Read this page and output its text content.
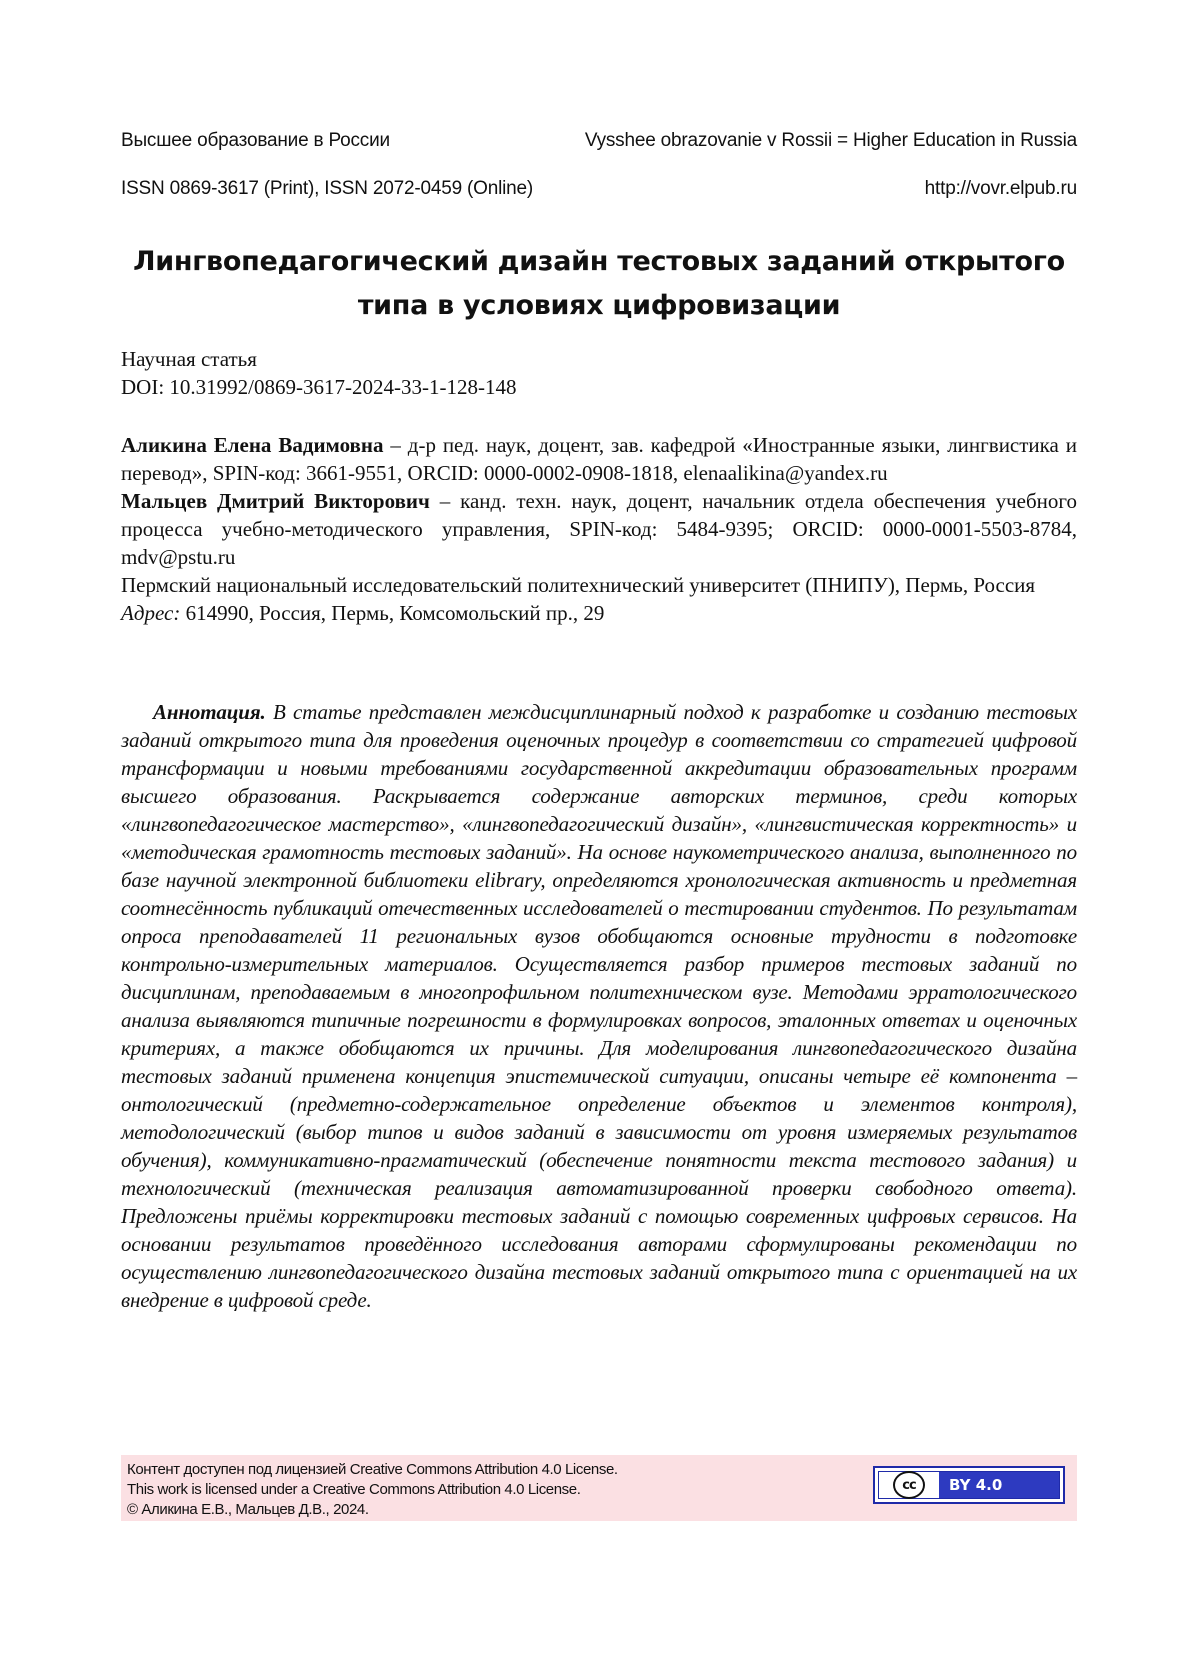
Высшее образование в России	Vysshee obrazovanie v Rossii = Higher Education in Russia
ISSN 0869-3617 (Print), ISSN 2072-0459 (Online)	http://vovr.elpub.ru
Лингвопедагогический дизайн тестовых заданий открытого
типа в условиях цифровизации
Научная статья
DOI: 10.31992/0869-3617-2024-33-1-128-148

Аликина Елена Вадимовна – д-р пед. наук, доцент, зав. кафедрой «Иностранные языки, лингвистика и перевод», SPIN-код: 3661-9551, ORCID: 0000-0002-0908-1818, elenaalikina@yandex.ru

Мальцев Дмитрий Викторович – канд. техн. наук, доцент, начальник отдела обеспечения учебного процесса учебно-методического управления, SPIN-код: 5484-9395; ORCID: 0000-0001-5503-8784, mdv@pstu.ru

Пермский национальный исследовательский политехнический университет (ПНИПУ), Пермь, Россия

Адрес: 614990, Россия, Пермь, Комсомольский пр., 29

Аннотация. В статье представлен междисциплинарный подход к разработке и созданию тестовых заданий открытого типа для проведения оценочных процедур в соответствии со стратегией цифровой трансформации и новыми требованиями государственной аккредитации образовательных программ высшего образования. Раскрывается содержание авторских терминов, среди которых «лингвопедагогическое мастерство», «лингвопедагогический дизайн», «лингвистическая корректность» и «методическая грамотность тестовых заданий». На основе наукометрического анализа, выполненного по базе научной электронной библиотеки elibrary, определяются хронологическая активность и предметная соотнесённость публикаций отечественных исследователей о тестировании студентов. По результатам опроса преподавателей 11 региональных вузов обобщаются основные трудности в подготовке контрольно-измерительных материалов. Осуществляется разбор примеров тестовых заданий по дисциплинам, преподаваемым в многопрофильном политехническом вузе. Методами эрратологического анализа выявляются типичные погрешности в формулировках вопросов, эталонных ответах и оценочных критериях, а также обобщаются их причины. Для моделирования лингвопедагогического дизайна тестовых заданий применена концепция эпистемической ситуации, описаны четыре её компонента – онтологический (предметно-содержательное определение объектов и элементов контроля), методологический (выбор типов и видов заданий в зависимости от уровня измеряемых результатов обучения), коммуникативно-прагматический (обеспечение понятности текста тестового задания) и технологический (техническая реализация автоматизированной проверки свободного ответа). Предложены приёмы корректировки тестовых заданий с помощью современных цифровых сервисов. На основании результатов проведённого исследования авторами сформулированы рекомендации по осуществлению лингвопедагогического дизайна тестовых заданий открытого типа с ориентацией на их внедрение в цифровой среде.
Контент доступен под лицензией Creative Commons Attribution 4.0 License.
This work is licensed under a Creative Commons Attribution 4.0 License.
© Аликина Е.В., Мальцев Д.В., 2024.
cc	BY 4.0
